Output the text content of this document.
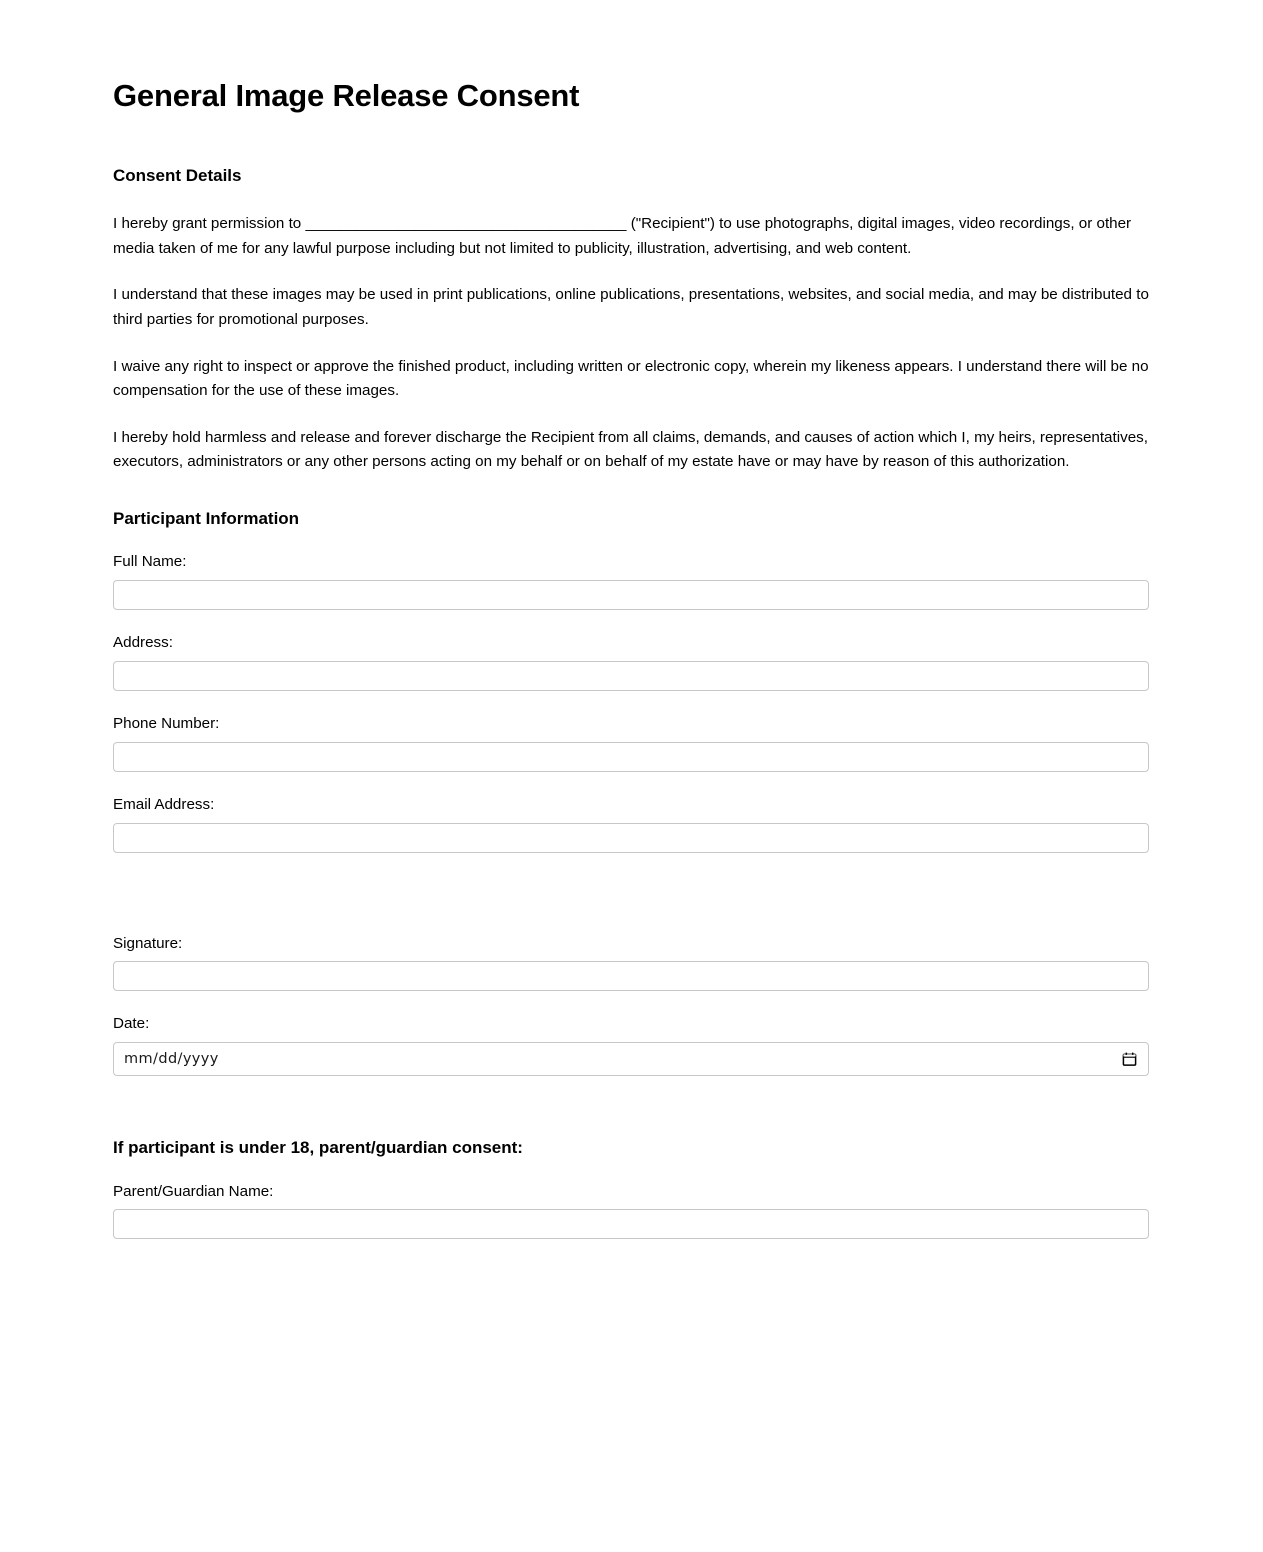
General Image Release Consent
Consent Details

I hereby grant permission to ______________________________________ ("Recipient") to use photographs, digital images, video recordings, or other media taken of me for any lawful purpose including but not limited to publicity, illustration, advertising, and web content.

I understand that these images may be used in print publications, online publications, presentations, websites, and social media, and may be distributed to third parties for promotional purposes.

I waive any right to inspect or approve the finished product, including written or electronic copy, wherein my likeness appears. I understand there will be no compensation for the use of these images.

I hereby hold harmless and release and forever discharge the Recipient from all claims, demands, and causes of action which I, my heirs, representatives, executors, administrators or any other persons acting on my behalf or on behalf of my estate have or may have by reason of this authorization.

Participant Information
Full Name:
Address:
Phone Number:
Email Address:
Signature:
Date:
mm/dd/yyyy
If participant is under 18, parent/guardian consent:
Parent/Guardian Name:
